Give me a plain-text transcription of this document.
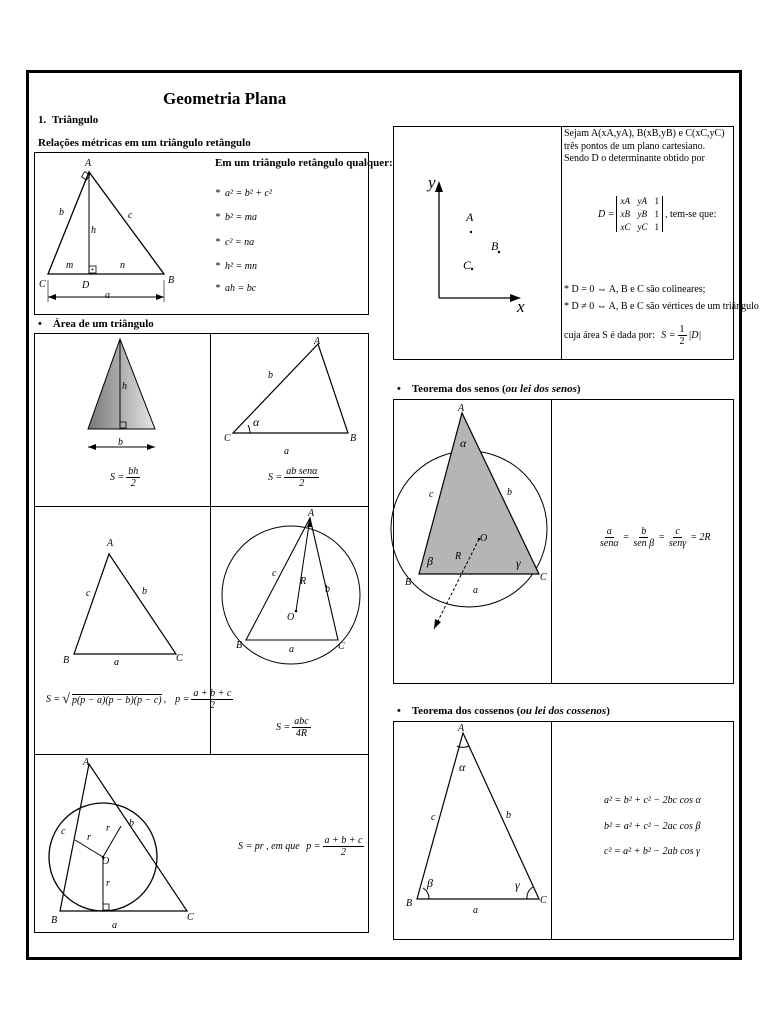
Geometria Plana
1. Triângulo
Relações métricas em um triângulo retângulo
A
B
C	D
b	c
h
m	n
a
Em um triângulo retângulo qualquer:
* a² = b² + c²
* b² = ma
* c² = na
* h² = mn
* ah = bc
• Área de um triângulo
h
b
$S = \frac{bh}{2}$
A
B
C
b
a
α
$S = \frac{\text{ab senα}}{2}$
A
B	C
c	b
a
S = √ p(p − a)(p − b)(p − c) ,
$p = \frac{a + b + c}{2}$
A
B	C
c
b
a
R
O
$S = \frac{\text{abc}}{4R}$
A
B	C
c
b
a
r
r
r
O
S = pr , em que
$p = \frac{a + b + c}{2}$
y
x
A
B
C
Sejam A(xA,yA), B(xB,yB) e C(xC,yC) três pontos de um plano cartesiano. Sendo D o determinante obtido por
D =
xA yA 1
xB yB 1
xC yC 1
, tem-se que:
* D = 0 ⇔ A, B e C são colineares;
* D ≠ 0 ⇔ A, B e C são vértices de um triângulo
cuja área S é dada por:
$S = \frac{1}{2} |D|$
• Teorema dos senos (ou lei dos senos)
A
B	C
c	b
a
O
R
α
β	γ
$\frac{a}{\text{senα}} = \frac{b}{\text{sen β}} = \frac{c}{\text{senγ}} = 2R$
• Teorema dos cossenos (ou lei dos cossenos)
A
B	C
c	b
a
α
β	γ
a² = b² + c² − 2bc cos α
b² = a² + c² − 2ac cos β
c² = a² + b² − 2ab cos γ
